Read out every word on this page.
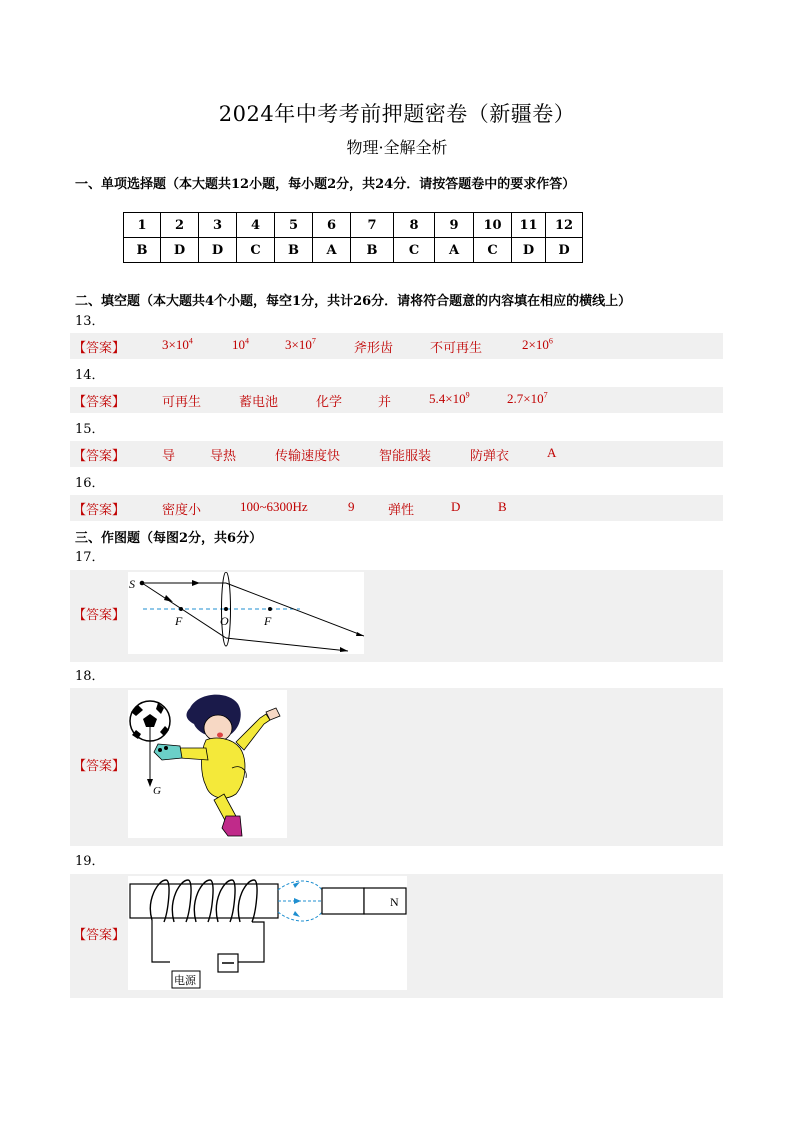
2024年中考考前押题密卷（新疆卷）
物理·全解全析
一、单项选择题（本大题共12小题，每小题2分，共24分．请按答题卷中的要求作答）
1	2	3	4	5	6	7	8	9	10	11	12
B	D	D	C	B	A	B	C	A	C	D	D
二、填空题（本大题共4个小题，每空1分，共计26分．请将符合题意的内容填在相应的横线上）
13．
【答案】	$3\times 10^4$	$10^4$	$3\times 10^7$	斧形齿	不可再生	$2\times 10^6$
14．
【答案】	可再生	蓄电池	化学	并	$5.4\times 10^9$	$2.7\times 10^7$
15．
【答案】	导	导热	传输速度快	智能服装	防弹衣	A
16．
【答案】	密度小	100~6300Hz	9	弹性	D	B
三、作图题（每图2分，共6分）
17．
【答案】
S
F	O	F
18．
【答案】
G
19．
【答案】
电源
N
